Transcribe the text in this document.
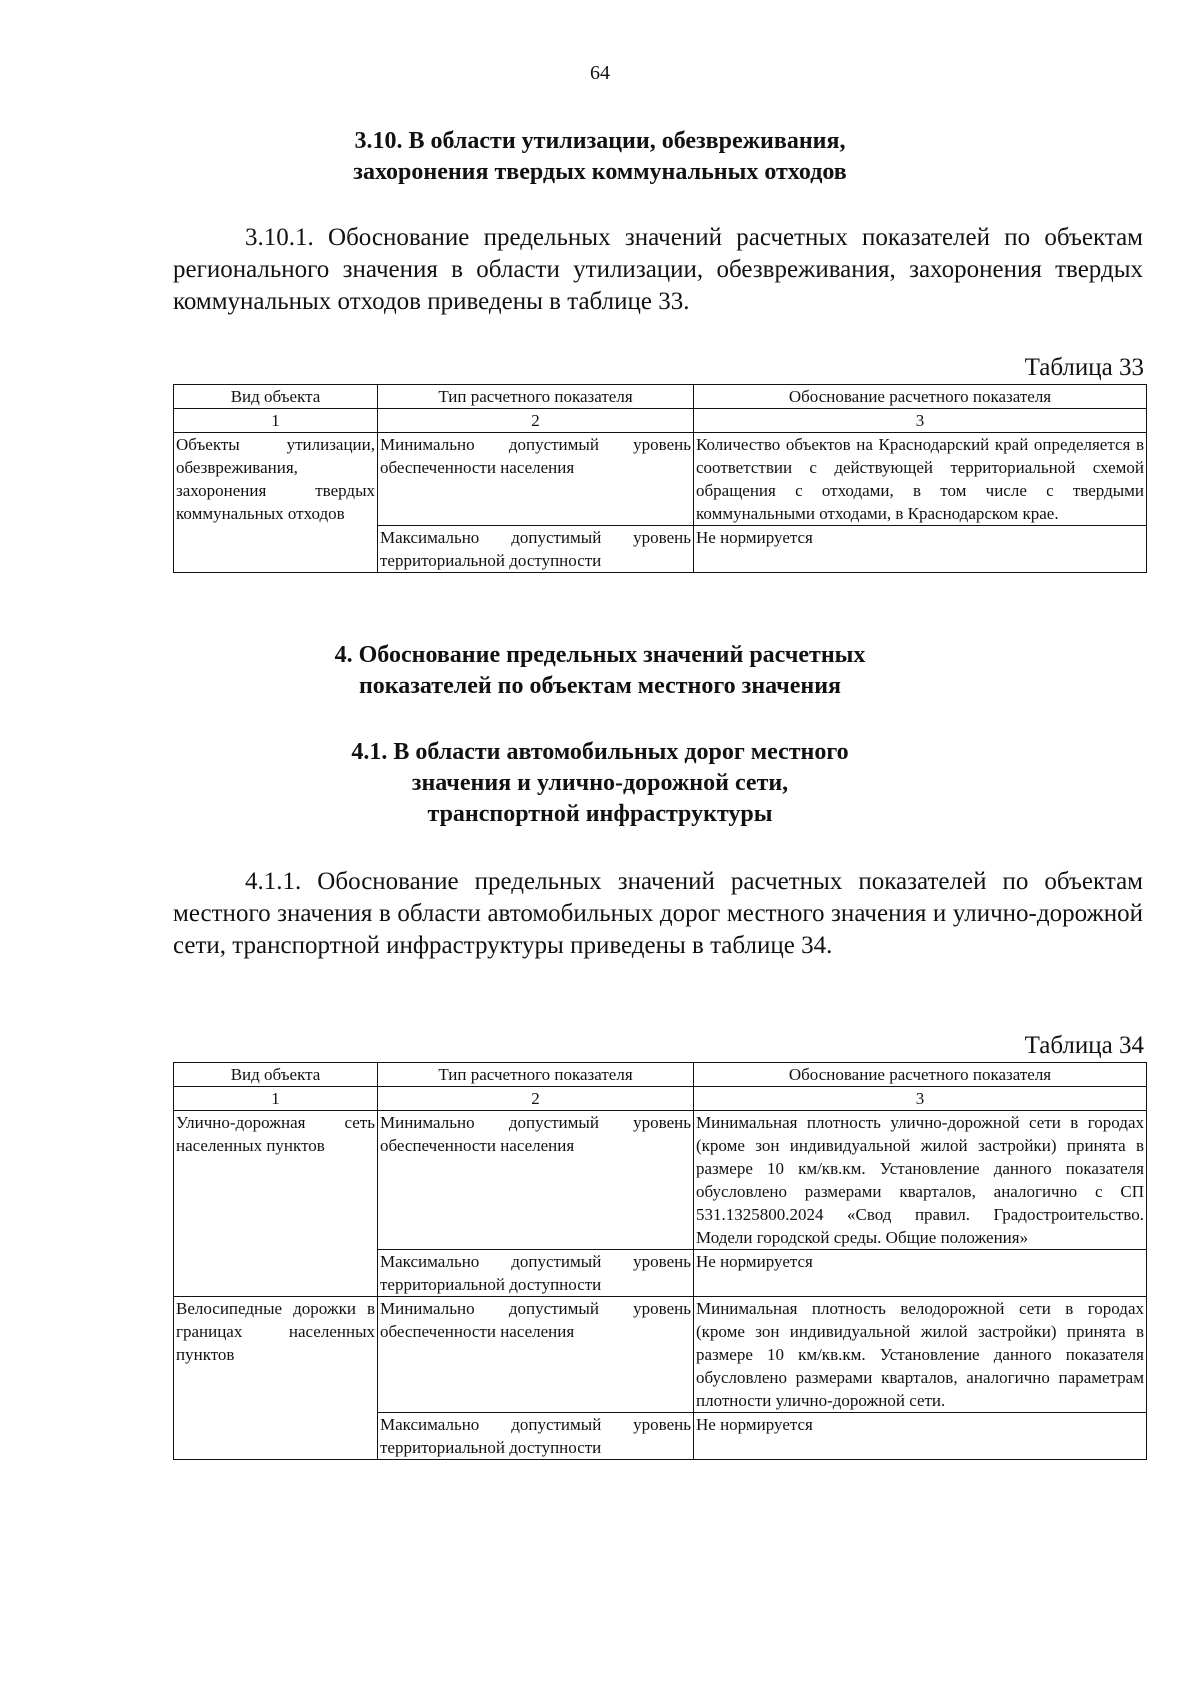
64
3.10. В области утилизации, обезвреживания,
захоронения твердых коммунальных отходов
3.10.1. Обоснование предельных значений расчетных показателей по объектам регионального значения в области утилизации, обезвреживания, захоронения твердых коммунальных отходов приведены в таблице 33.
Таблица 33
Вид объекта	Тип расчетного показателя	Обоснование расчетного показателя
1	2	3
Объекты утилизации, обезвреживания, захоронения твердых коммунальных отходов	Минимально допустимый уровень обеспеченности населения	Количество объектов на Краснодарский край определяется в соответствии с действующей территориальной схемой обращения с отходами, в том числе с твердыми коммунальными отходами, в Краснодарском крае.
	Максимально допустимый уровень территориальной доступности	Не нормируется
4. Обоснование предельных значений расчетных
показателей по объектам местного значения
4.1. В области автомобильных дорог местного
значения и улично-дорожной сети,
транспортной инфраструктуры
4.1.1. Обоснование предельных значений расчетных показателей по объектам местного значения в области автомобильных дорог местного значения и улично-дорожной сети, транспортной инфраструктуры приведены в таблице 34.
Таблица 34
Вид объекта	Тип расчетного показателя	Обоснование расчетного показателя
1	2	3
Улично-дорожная сеть населенных пунктов	Минимально допустимый уровень обеспеченности населения	Минимальная плотность улично-дорожной сети в городах (кроме зон индивидуальной жилой застройки) принята в размере 10 км/кв.км. Установление данного показателя обусловлено размерами кварталов, аналогично с СП 531.1325800.2024 «Свод правил. Градостроительство. Модели городской среды. Общие положения»
	Максимально допустимый уровень территориальной доступности	Не нормируется
Велосипедные дорожки в границах населенных пунктов	Минимально допустимый уровень обеспеченности населения	Минимальная плотность велодорожной сети в городах (кроме зон индивидуальной жилой застройки) принята в размере 10 км/кв.км. Установление данного показателя обусловлено размерами кварталов, аналогично параметрам плотности улично-дорожной сети.
	Максимально допустимый уровень территориальной доступности	Не нормируется
